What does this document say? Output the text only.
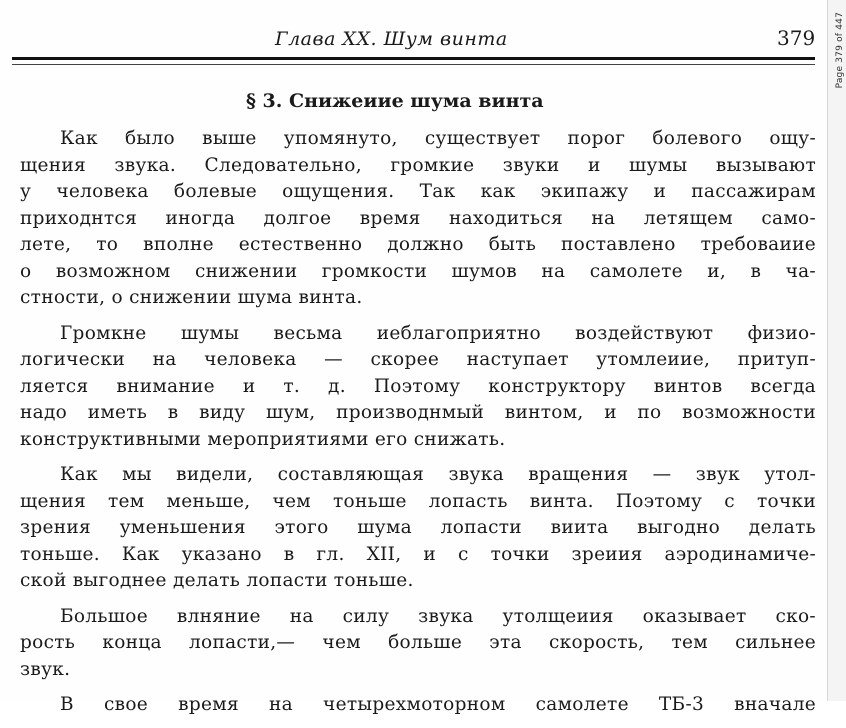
Глава XX. Шум винта	379
§ 3. Снижеиие шума винта
Как было выше упомянуто, существует порог болевого ощу-
щения звука. Следовательно, громкие звуки и шумы вызывают
у человека болевые ощущения. Так как экипажу и пассажирам
приходнтся иногда долгое время находиться на летящем само-
лете, то вполне естественно должно быть поставлено требоваиие
о возможном снижении громкости шумов на самолете и, в ча-
стности, о снижении шума винта.
Громкне шумы весьма иеблагоприятно воздействуют физио-
логически на человека — скорее наступает утомлеиие, притуп-
ляется внимание и т. д. Поэтому конструктору винтов всегда
надо иметь в виду шум, производнмый винтом, и по возможности
конструктивными мероприятиями его снижать.
Как мы видели, составляющая звука вращения — звук утол-
щения тем меньше, чем тоньше лопасть винта. Поэтому с точки
зрения уменьшения этого шума лопасти виита выгодно делать
тоньше. Как указано в гл. XII, и с точки зреиия аэродинамиче-
ской выгоднее делать лопасти тоньше.
Большое влняние на силу звука утолщеиия оказывает ско-
рость конца лопасти,— чем больше эта скорость, тем сильнее
звук.
В свое время на четырехмоторном самолете ТБ-3 вначале
Page 379 of 447
